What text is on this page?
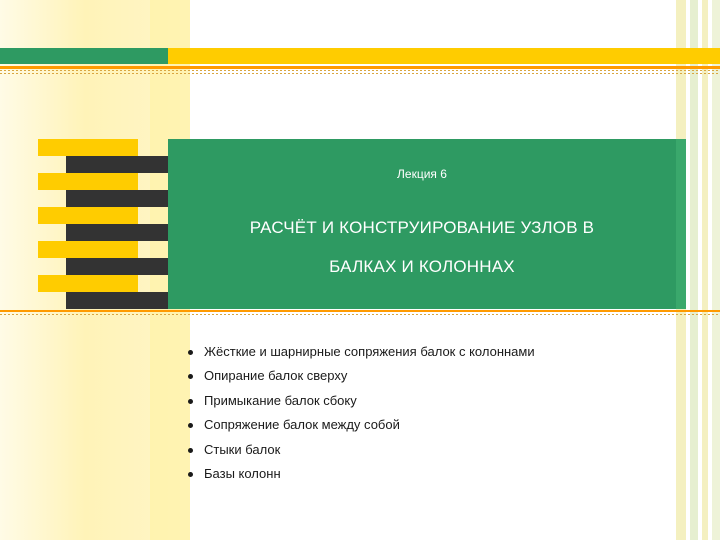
Лекция 6
РАСЧЁТ И КОНСТРУИРОВАНИЕ УЗЛОВ В
БАЛКАХ И КОЛОННАХ
Жёсткие и шарнирные сопряжения балок с колоннами
Опирание балок сверху
Примыкание балок сбоку
Сопряжение балок между собой
Стыки балок
Базы колонн
